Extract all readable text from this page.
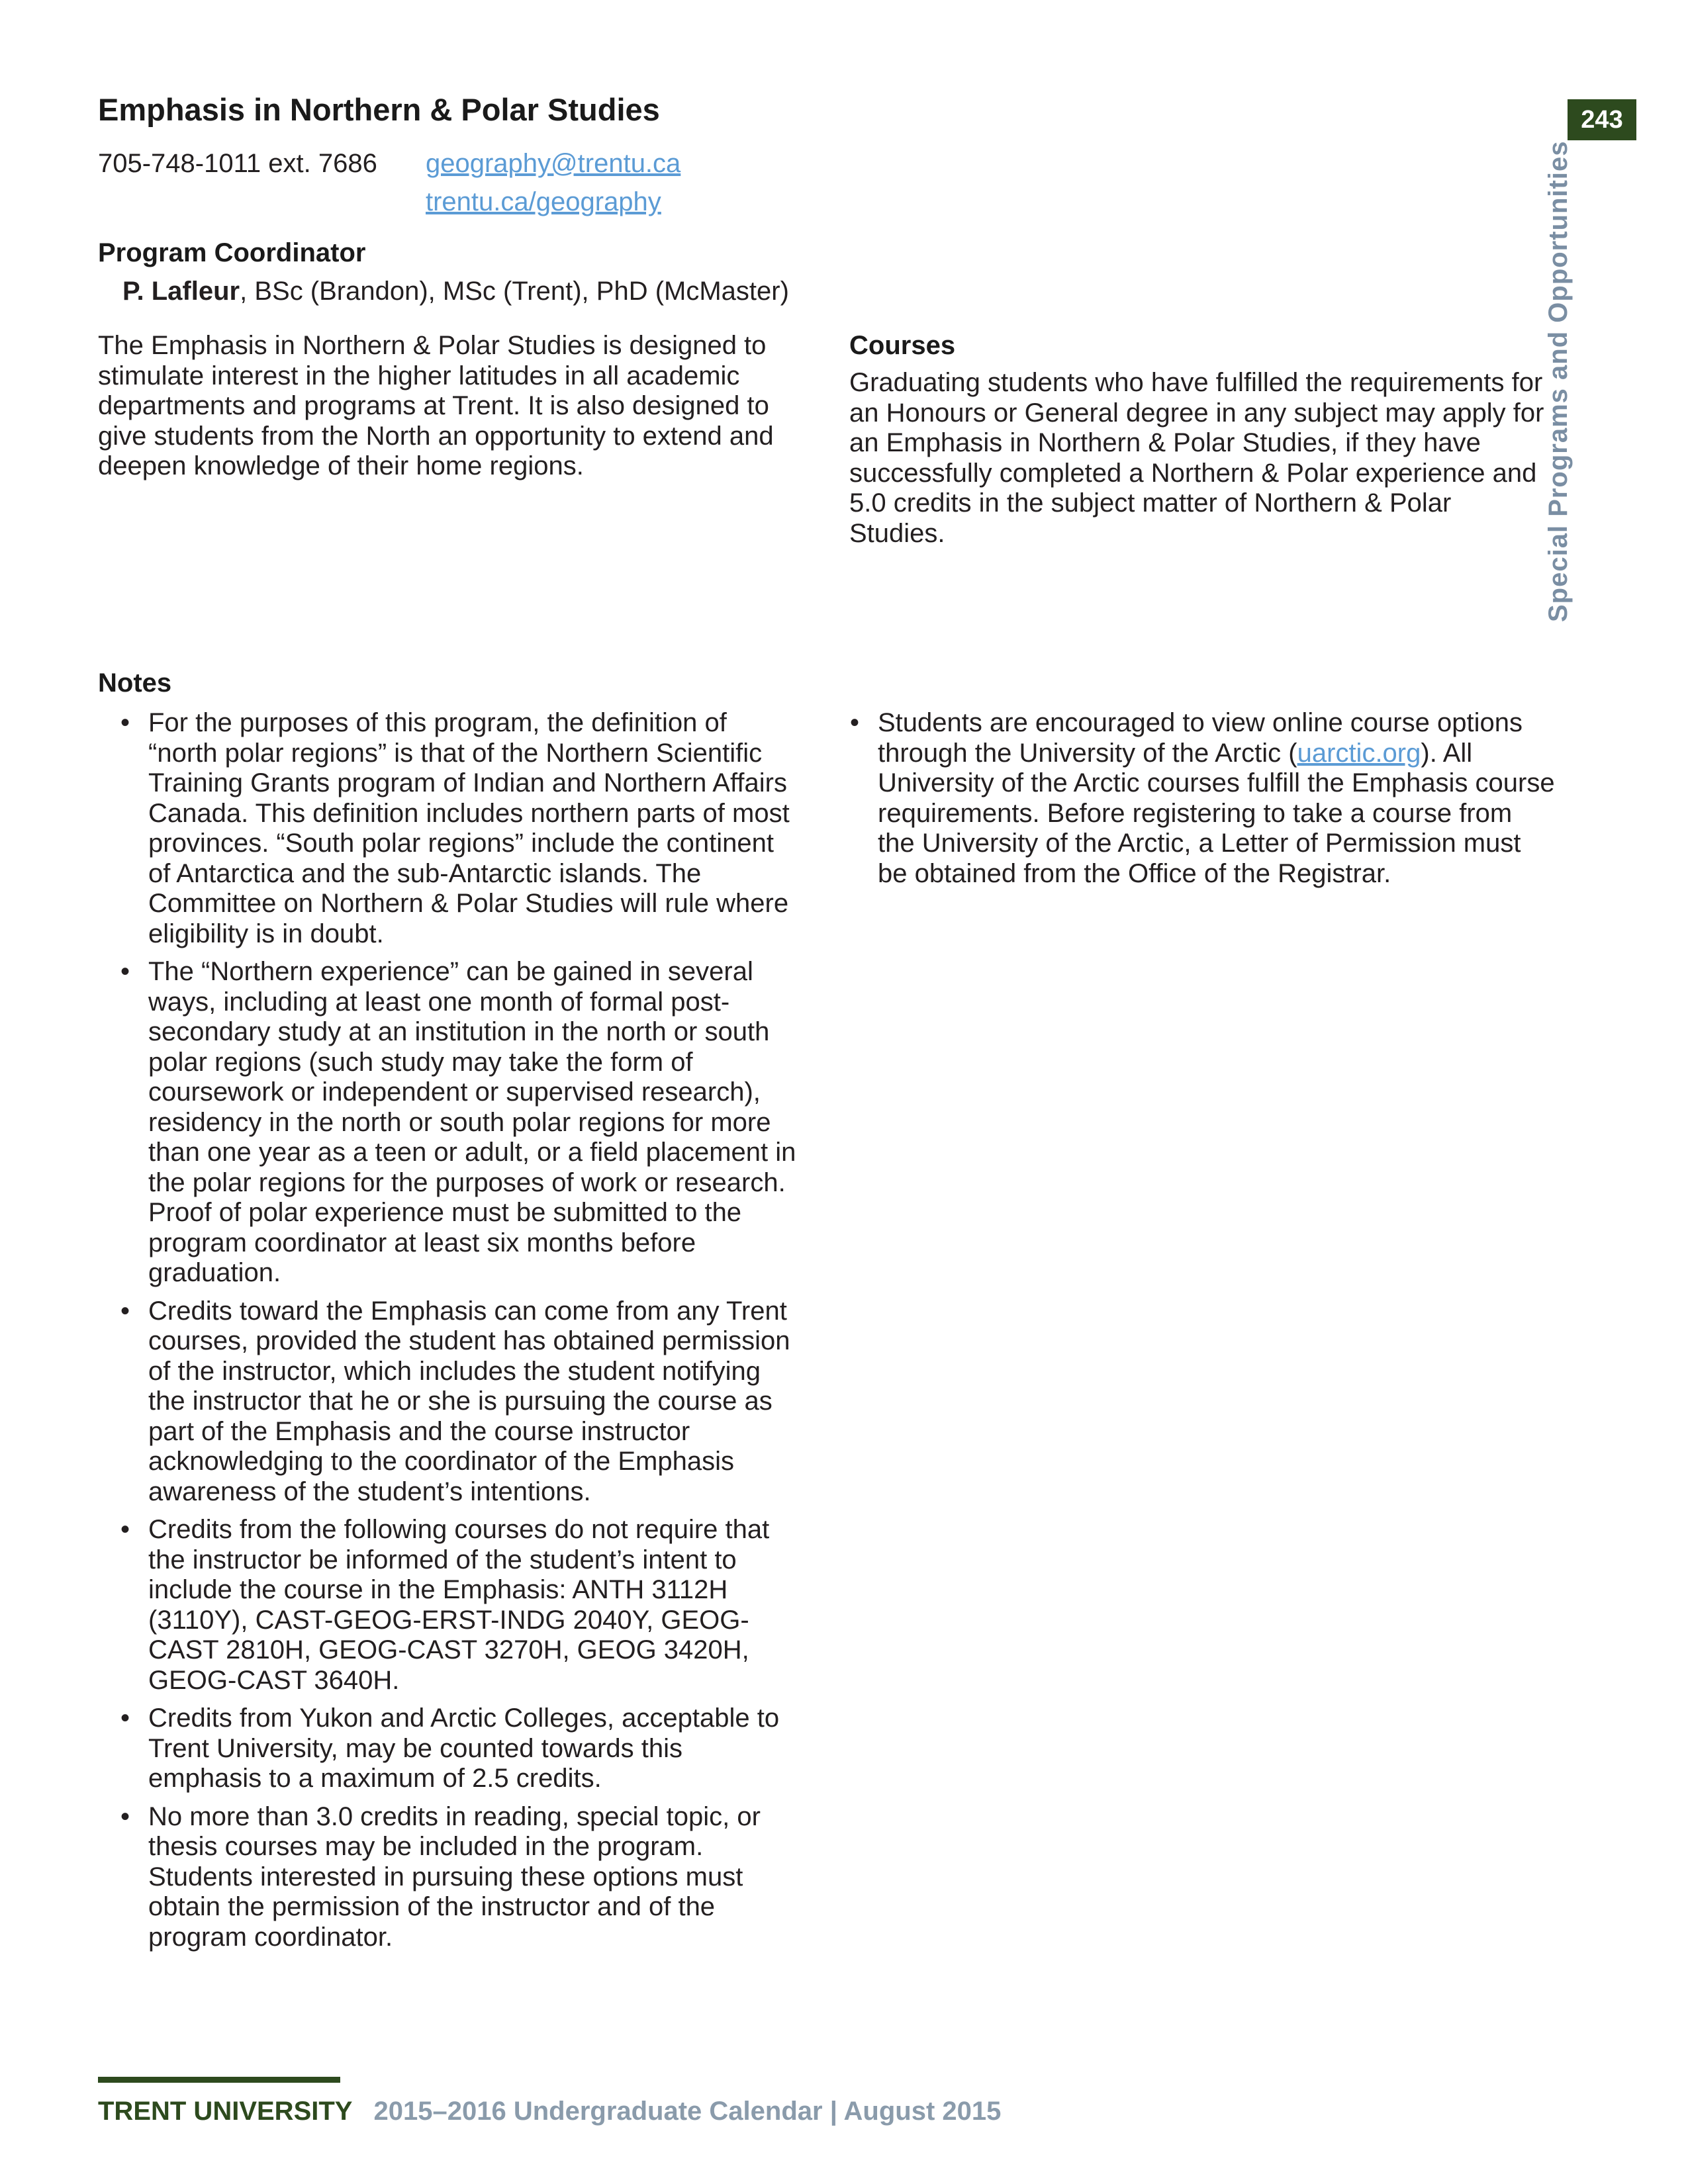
Emphasis in Northern & Polar Studies
705-748-1011 ext. 7686 geography@trentu.ca
trentu.ca/geography
Program Coordinator
P. Lafleur, BSc (Brandon), MSc (Trent), PhD (McMaster)

The Emphasis in Northern & Polar Studies is designed to stimulate interest in the higher latitudes in all academic departments and programs at Trent. It is also designed to give students from the North an opportunity to extend and deepen knowledge of their home regions.

Courses

Graduating students who have fulfilled the requirements for an Honours or General degree in any subject may apply for an Emphasis in Northern & Polar Studies, if they have successfully completed a Northern & Polar experience and 5.0 credits in the subject matter of Northern & Polar Studies.

Notes
• For the purposes of this program, the definition of “north polar regions” is that of the Northern Scientific Training Grants program of Indian and Northern Affairs Canada. This definition includes northern parts of most provinces. “South polar regions” include the continent of Antarctica and the sub-Antarctic islands. The Committee on Northern & Polar Studies will rule where eligibility is in doubt.
• The “Northern experience” can be gained in several ways, including at least one month of formal post-secondary study at an institution in the north or south polar regions (such study may take the form of coursework or independent or supervised research), residency in the north or south polar regions for more than one year as a teen or adult, or a field placement in the polar regions for the purposes of work or research. Proof of polar experience must be submitted to the program coordinator at least six months before graduation.
• Credits toward the Emphasis can come from any Trent courses, provided the student has obtained permission of the instructor, which includes the student notifying the instructor that he or she is pursuing the course as part of the Emphasis and the course instructor acknowledging to the coordinator of the Emphasis awareness of the student’s intentions.
• Credits from the following courses do not require that the instructor be informed of the student’s intent to include the course in the Emphasis: ANTH 3112H (3110Y), CAST-GEOG-ERST-INDG 2040Y, GEOG-CAST 2810H, GEOG-CAST 3270H, GEOG 3420H, GEOG-CAST 3640H.
• Credits from Yukon and Arctic Colleges, acceptable to Trent University, may be counted towards this emphasis to a maximum of 2.5 credits.
• No more than 3.0 credits in reading, special topic, or thesis courses may be included in the program. Students interested in pursuing these options must obtain the permission of the instructor and of the program coordinator.
• Students are encouraged to view online course options through the University of the Arctic (uarctic.org). All University of the Arctic courses fulfill the Emphasis course requirements. Before registering to take a course from the University of the Arctic, a Letter of Permission must be obtained from the Office of the Registrar.
243
Special Programs and Opportunities
TRENT UNIVERSITY 2015–2016 Undergraduate Calendar | August 2015
